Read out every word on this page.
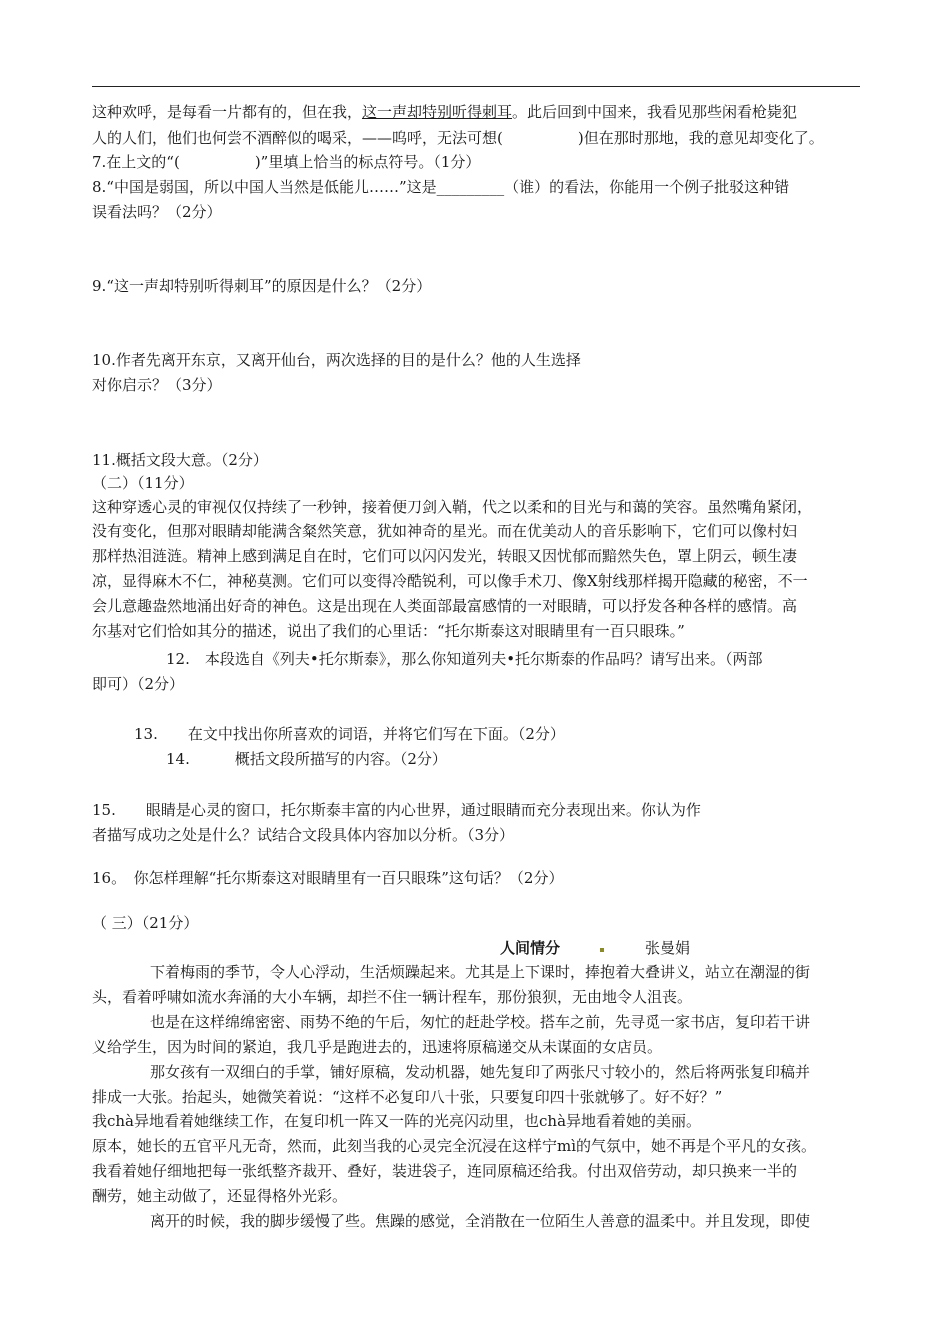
这种欢呼，是每看一片都有的，但在我，这一声却特别听得刺耳。此后回到中国来，我看见那些闲看枪毙犯
人的人们，他们也何尝不酒醉似的喝采，——呜呼，无法可想(　　　　　)但在那时那地，我的意见却变化了。
7.在上文的“(　　　　　)”里填上恰当的标点符号。（1分）
8.“中国是弱国，所以中国人当然是低能儿……”这是_________（谁）的看法，你能用一个例子批驳这种错
误看法吗？（2分）
9.“这一声却特别听得刺耳”的原因是什么？（2分）
10.作者先离开东京，又离开仙台，两次选择的目的是什么？他的人生选择
对你启示？（3分）
11.概括文段大意。（2分）
（二）（11分）
这种穿透心灵的审视仅仅持续了一秒钟，接着便刀剑入鞘，代之以柔和的目光与和蔼的笑容。虽然嘴角紧闭，
没有变化，但那对眼睛却能满含粲然笑意，犹如神奇的星光。而在优美动人的音乐影响下，它们可以像村妇
那样热泪涟涟。精神上感到满足自在时，它们可以闪闪发光，转眼又因忧郁而黯然失色，罩上阴云，顿生凄
凉，显得麻木不仁，神秘莫测。它们可以变得冷酷锐利，可以像手术刀、像X射线那样揭开隐藏的秘密，不一
会儿意趣盎然地涌出好奇的神色。这是出现在人类面部最富感情的一对眼睛，可以抒发各种各样的感情。高
尔基对它们恰如其分的描述，说出了我们的心里话：“托尔斯泰这对眼睛里有一百只眼珠。”
12.　本段选自《列夫•托尔斯泰》，那么你知道列夫•托尔斯泰的作品吗？请写出来。（两部
即可）（2分）
13.　　在文中找出你所喜欢的词语，并将它们写在下面。（2分）
14.　　　概括文段所描写的内容。（2分）
15.　　眼睛是心灵的窗口，托尔斯泰丰富的内心世界，通过眼睛而充分表现出来。你认为作
者描写成功之处是什么？试结合文段具体内容加以分析。（3分）
16。　你怎样理解“托尔斯泰这对眼睛里有一百只眼珠”这句话？（2分）
（ 三）（21分）
人间情分	张曼娟
下着梅雨的季节，令人心浮动，生活烦躁起来。尤其是上下课时，捧抱着大叠讲义，站立在潮湿的街
头，看着呼啸如流水奔涌的大小车辆，却拦不住一辆计程车，那份狼狈，无由地令人沮丧。
也是在这样绵绵密密、雨势不绝的午后，匆忙的赶赴学校。搭车之前，先寻觅一家书店，复印若干讲
义给学生，因为时间的紧迫，我几乎是跑进去的，迅速将原稿递交从未谋面的女店员。
那女孩有一双细白的手掌，铺好原稿，发动机器，她先复印了两张尺寸较小的，然后将两张复印稿并
排成一大张。抬起头，她微笑着说：“这样不必复印八十张，只要复印四十张就够了。好不好？”
我chà异地看着她继续工作，在复印机一阵又一阵的光亮闪动里，也chà异地看着她的美丽。
原本，她长的五官平凡无奇，然而，此刻当我的心灵完全沉浸在这样宁mì的气氛中，她不再是个平凡的女孩。
我看着她仔细地把每一张纸整齐裁开、叠好，装进袋子，连同原稿还给我。付出双倍劳动，却只换来一半的
酬劳，她主动做了，还显得格外光彩。
离开的时候，我的脚步缓慢了些。焦躁的感觉，全消散在一位陌生人善意的温柔中。并且发现，即使
